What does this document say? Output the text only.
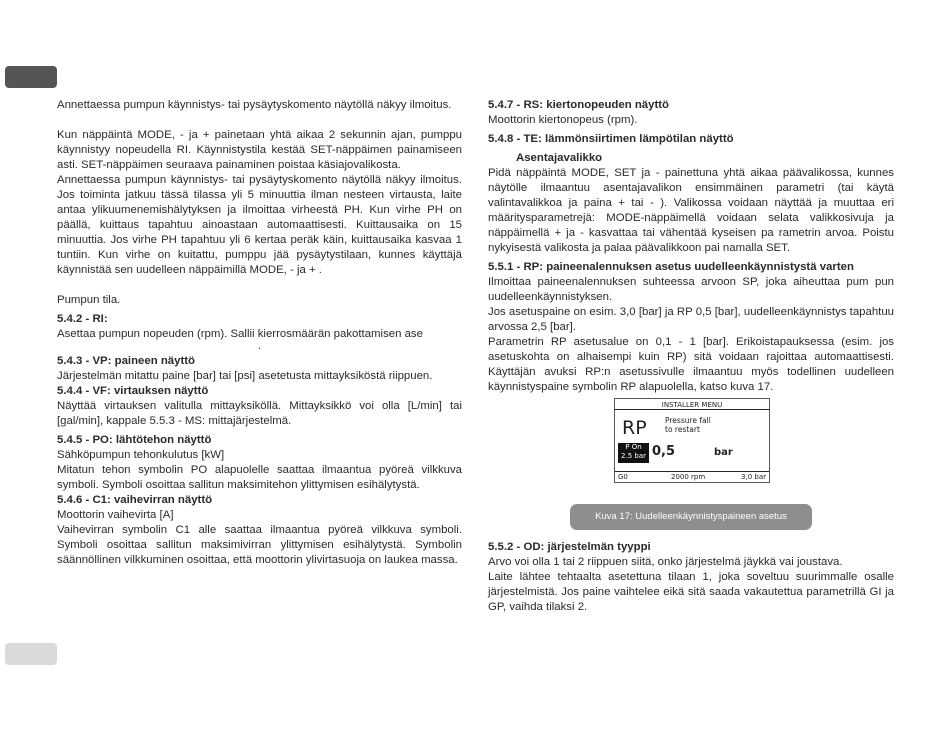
Annettaessa pumpun käynnistys- tai pysäytyskomento näytöllä näkyy ilmoitus.

Kun näppäintä MODE, - ja + painetaan yhtä aikaa 2 sekunnin ajan, pumppu käynnistyy nopeudella RI. Käynnistystila kestää SET-näppäimen painamiseen asti. SET-näppäimen seuraava painaminen poistaa käsiajovalikosta.

Annettaessa pumpun käynnistys- tai pysäytyskomento näytöllä näkyy ilmoitus. Jos toiminta jatkuu tässä tilassa yli 5 minuuttia ilman nesteen virtausta, laite antaa ylikuumenemishälytyksen ja ilmoittaa virheestä PH. Kun virhe PH on päällä, kuittaus tapahtuu ainoastaan automaattisesti. Kuittausaika on 15 minuuttia. Jos virhe PH tapahtuu yli 6 kertaa peräk käin, kuittausaika kasvaa 1 tuntiin. Kun virhe on kuitattu, pumppu jää pysäytystilaan, kunnes käyttäjä käynnistää sen uudelleen näppäimillä MODE, - ja + .

Pumpun tila.

5.4.2 - RI:

Asettaa pumpun nopeuden (rpm). Sallii kierrosmäärän pakottamisen ase

.

5.4.3 - VP: paineen näyttö

Järjestelmän mitattu paine [bar] tai [psi] asetetusta mittayksiköstä riippuen.

5.4.4 - VF: virtauksen näyttö

Näyttää virtauksen valitulla mittayksiköllä. Mittayksikkö voi olla [L/min] tai [gal/min], kappale 5.5.3 - MS: mittajärjestelmä.

5.4.5 - PO: lähtötehon näyttö

Sähköpumpun tehonkulutus [kW]

Mitatun tehon symbolin PO alapuolelle saattaa ilmaantua pyöreä vilkkuva symboli. Symboli osoittaa sallitun maksimitehon ylittymisen esihälytystä.

5.4.6 - C1: vaihevirran näyttö

Moottorin vaihevirta [A]

Vaihevirran symbolin C1 alle saattaa ilmaantua pyöreä vilkkuva symboli. Symboli osoittaa sallitun maksimivirran ylittymisen esihälytystä. Symbolin säännöllinen vilkkuminen osoittaa, että moottorin ylivirtasuoja on laukea massa.

5.4.7 - RS: kiertonopeuden näyttö

Moottorin kiertonopeus (rpm).

5.4.8 - TE: lämmönsiirtimen lämpötilan näyttö

Asentajavalikko

Pidä näppäintä MODE, SET ja - painettuna yhtä aikaa päävalikossa, kunnes näytölle ilmaantuu asentajavalikon ensimmäinen parametri (tai käytä valintavalikkoa ja paina + tai - ). Valikossa voidaan näyttää ja muuttaa eri määritysparametrejä: MODE-näppäimellä voidaan selata valikkosivuja ja näppäimellä + ja - kasvattaa tai vähentää kyseisen pa rametrin arvoa. Poistu nykyisestä valikosta ja palaa päävalikkoon pai namalla SET.

5.5.1 - RP: paineenalennuksen asetus uudelleenkäynnistystä varten

Ilmoittaa paineenalennuksen suhteessa arvoon SP, joka aiheuttaa pum pun uudelleenkäynnistyksen.

Jos asetuspaine on esim. 3,0 [bar] ja RP 0,5 [bar], uudelleenkäynnistys tapahtuu arvossa 2,5 [bar].

Parametrin RP asetusalue on 0,1 - 1 [bar]. Erikoistapauksessa (esim. jos asetuskohta on alhaisempi kuin RP) sitä voidaan rajoittaa automaattisesti. Käyttäjän avuksi RP:n asetussivulle ilmaantuu myös todellinen uudelleen käynnistyspaine symbolin RP alapuolella, katso kuva 17.

INSTALLER MENU
RP Pressure fall
to restart
P On
2.5 bar 0,5	bar
G0	2000 rpm	3,0 bar
Kuva 17: Uudelleenkäynnistyspaineen asetus

5.5.2 - OD: järjestelmän tyyppi

Arvo voi olla 1 tai 2 riippuen siitä, onko järjestelmä jäykkä vai joustava.

Laite lähtee tehtaalta asetettuna tilaan 1, joka soveltuu suurimmalle osalle järjestelmistä. Jos paine vaihtelee eikä sitä saada vakautettua parametrillä GI ja GP, vaihda tilaksi 2.
